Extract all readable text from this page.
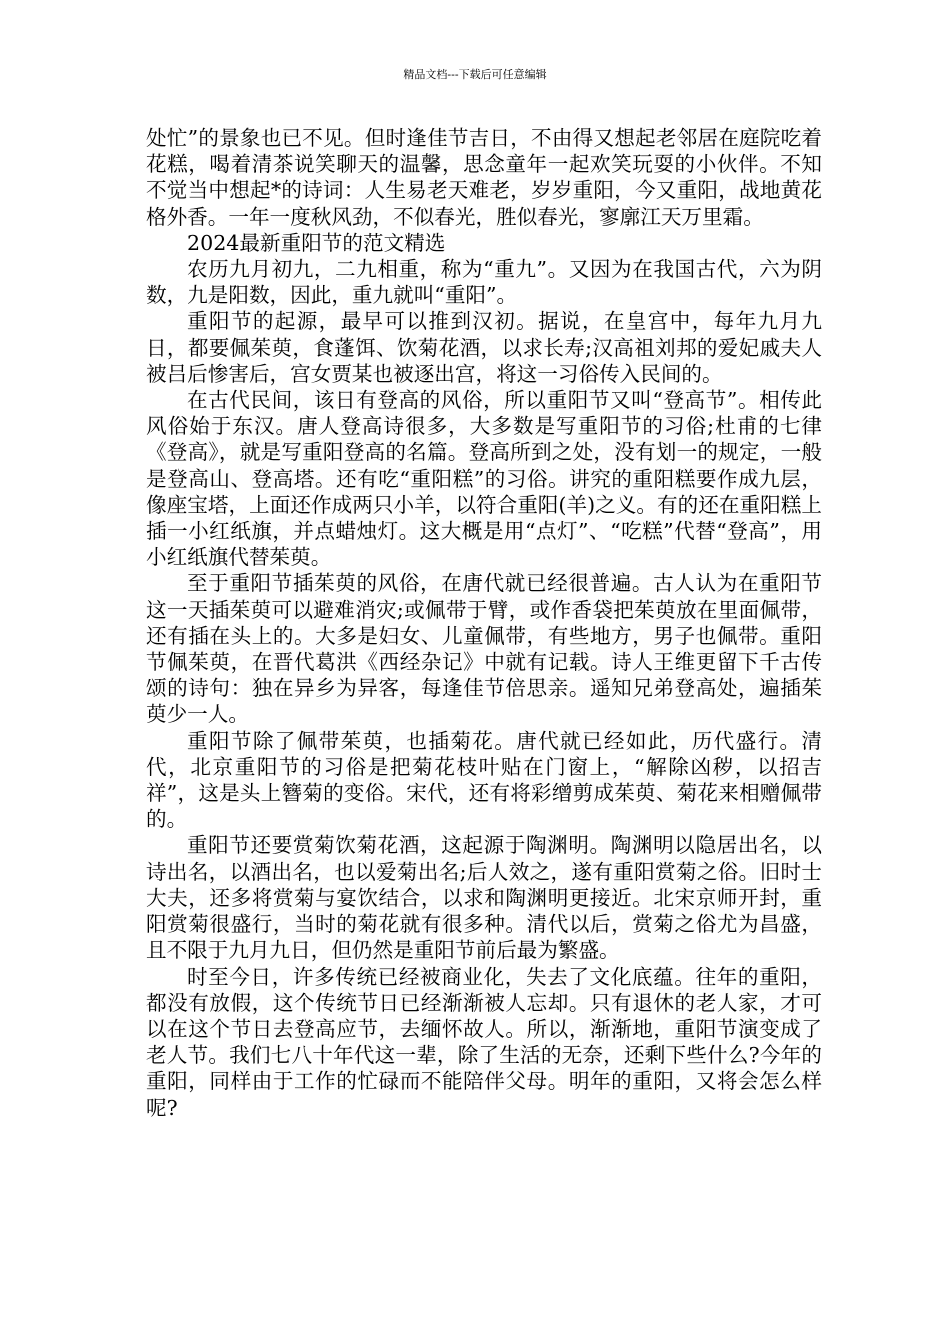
精品文档---下载后可任意编辑

处忙”的景象也已不见。但时逢佳节吉日，不由得又想起老邻居在庭院吃着花糕，喝着清茶说笑聊天的温馨，思念童年一起欢笑玩耍的小伙伴。不知不觉当中想起*的诗词：人生易老天难老，岁岁重阳，今又重阳，战地黄花格外香。一年一度秋风劲，不似春光，胜似春光，寥廓江天万里霜。

2024最新重阳节的范文精选

农历九月初九，二九相重，称为“重九”。又因为在我国古代，六为阴数，九是阳数，因此，重九就叫“重阳”。

重阳节的起源，最早可以推到汉初。据说，在皇宫中，每年九月九日，都要佩茱萸，食蓬饵、饮菊花酒，以求长寿;汉高祖刘邦的爱妃戚夫人被吕后惨害后，宫女贾某也被逐出宫，将这一习俗传入民间的。

在古代民间，该日有登高的风俗，所以重阳节又叫“登高节”。相传此风俗始于东汉。唐人登高诗很多，大多数是写重阳节的习俗;杜甫的七律《登高》，就是写重阳登高的名篇。登高所到之处，没有划一的规定，一般是登高山、登高塔。还有吃“重阳糕”的习俗。讲究的重阳糕要作成九层，像座宝塔，上面还作成两只小羊，以符合重阳(羊)之义。有的还在重阳糕上插一小红纸旗，并点蜡烛灯。这大概是用“点灯”、“吃糕”代替“登高”，用小红纸旗代替茱萸。

至于重阳节插茱萸的风俗，在唐代就已经很普遍。古人认为在重阳节这一天插茱萸可以避难消灾;或佩带于臂，或作香袋把茱萸放在里面佩带，还有插在头上的。大多是妇女、儿童佩带，有些地方，男子也佩带。重阳节佩茱萸，在晋代葛洪《西经杂记》中就有记载。诗人王维更留下千古传颂的诗句：独在异乡为异客，每逢佳节倍思亲。遥知兄弟登高处，遍插茱萸少一人。

重阳节除了佩带茱萸，也插菊花。唐代就已经如此，历代盛行。清代，北京重阳节的习俗是把菊花枝叶贴在门窗上，“解除凶秽，以招吉祥”，这是头上簪菊的变俗。宋代，还有将彩缯剪成茱萸、菊花来相赠佩带的。

重阳节还要赏菊饮菊花酒，这起源于陶渊明。陶渊明以隐居出名，以诗出名，以酒出名，也以爱菊出名;后人效之，遂有重阳赏菊之俗。旧时士大夫，还多将赏菊与宴饮结合，以求和陶渊明更接近。北宋京师开封，重阳赏菊很盛行，当时的菊花就有很多种。清代以后，赏菊之俗尤为昌盛，且不限于九月九日，但仍然是重阳节前后最为繁盛。

时至今日，许多传统已经被商业化，失去了文化底蕴。往年的重阳，都没有放假，这个传统节日已经渐渐被人忘却。只有退休的老人家，才可以在这个节日去登高应节，去缅怀故人。所以，渐渐地，重阳节演变成了老人节。我们七八十年代这一辈，除了生活的无奈，还剩下些什么?今年的重阳，同样由于工作的忙碌而不能陪伴父母。明年的重阳，又将会怎么样呢?
